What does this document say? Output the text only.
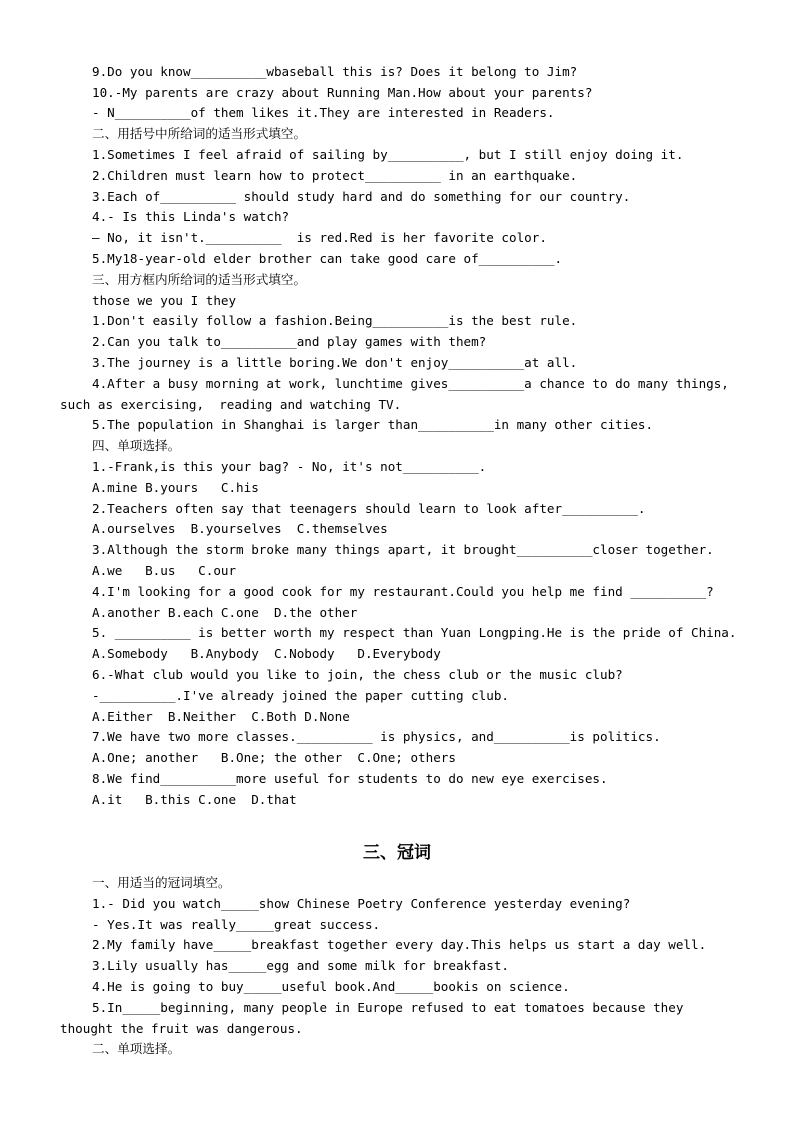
9.Do you know__________wbaseball this is? Does it belong to Jim?
10.-My parents are crazy about Running Man.How about your parents?
- N__________of them likes it.They are interested in Readers.
二、用括号中所给词的适当形式填空。
1.Sometimes I feel afraid of sailing by__________, but I still enjoy doing it.
2.Children must learn how to protect__________ in an earthquake.
3.Each of__________ should study hard and do something for our country.
4.- Is this Linda's watch?
— No, it isn't.__________  is red.Red is her favorite color.
5.My18-year-old elder brother can take good care of__________.
三、用方框内所给词的适当形式填空。
those we you I they
1.Don't easily follow a fashion.Being__________is the best rule.
2.Can you talk to__________and play games with them?
3.The journey is a little boring.We don't enjoy__________at all.
4.After a busy morning at work, lunchtime gives__________a chance to do many things,
such as exercising,  reading and watching TV.
5.The population in Shanghai is larger than__________in many other cities.
四、单项选择。
1.-Frank,is this your bag? - No, it's not__________.
A.mine B.yours   C.his
2.Teachers often say that teenagers should learn to look after__________.
A.ourselves  B.yourselves  C.themselves
3.Although the storm broke many things apart, it brought__________closer together.
A.we   B.us   C.our
4.I'm looking for a good cook for my restaurant.Could you help me find __________?
A.another B.each C.one  D.the other
5. __________ is better worth my respect than Yuan Longping.He is the pride of China.
A.Somebody   B.Anybody  C.Nobody   D.Everybody
6.-What club would you like to join, the chess club or the music club?
-__________.I've already joined the paper cutting club.
A.Either  B.Neither  C.Both D.None
7.We have two more classes.__________ is physics, and__________is politics.
A.One; another   B.One; the other  C.One; others
8.We find__________more useful for students to do new eye exercises.
A.it   B.this C.one  D.that
三、冠词
一、用适当的冠词填空。
1.- Did you watch_____show Chinese Poetry Conference yesterday evening?
- Yes.It was really_____great success.
2.My family have_____breakfast together every day.This helps us start a day well.
3.Lily usually has_____egg and some milk for breakfast.
4.He is going to buy_____useful book.And_____bookis on science.
5.In_____beginning, many people in Europe refused to eat tomatoes because they
thought the fruit was dangerous.
二、单项选择。
